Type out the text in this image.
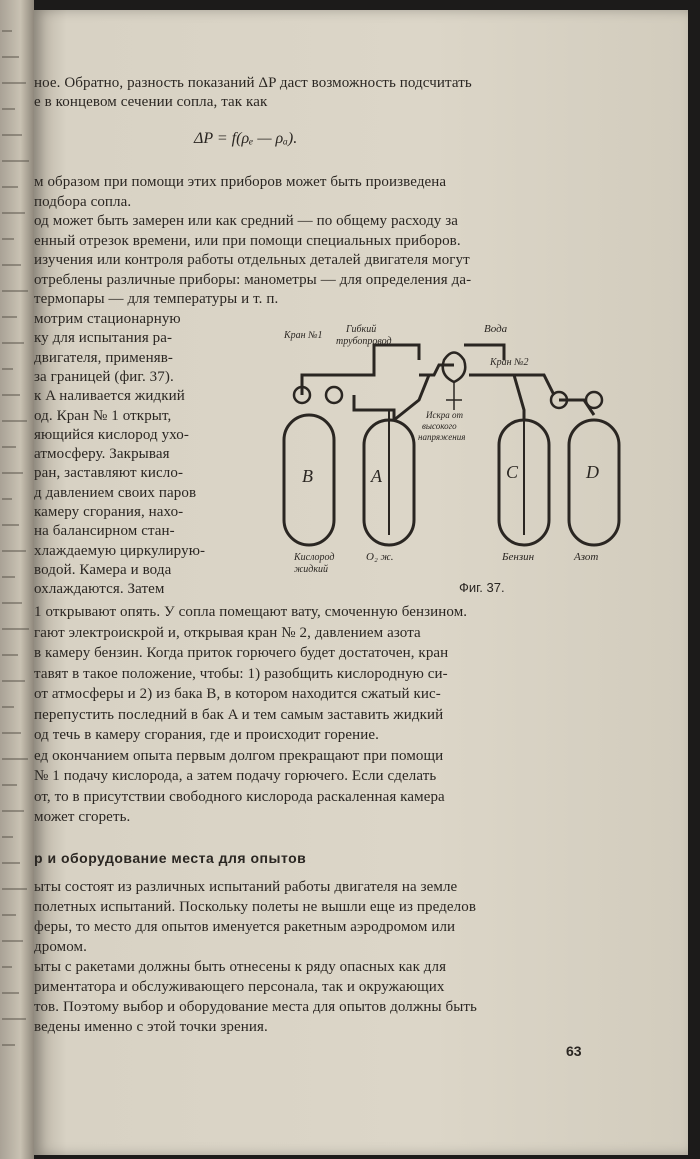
ное. Обратно, разность показаний ΔP даст возможность подсчитать
е в концевом сечении сопла, так как
ΔP = f(ρₑ — ρₐ).
м образом при помощи этих приборов может быть произведена
подбора сопла.
од может быть замерен или как средний — по общему расходу за
енный отрезок времени, или при помощи специальных приборов.
изучения или контроля работы отдельных деталей двигателя могут
отреблены различные приборы: манометры — для определения да-
термопары — для температуры и т. п.
мотрим стационарную
ку для испытания ра-
двигателя, применяв-
за границей (фиг. 37).
к A наливается жидкий
од. Кран № 1 открыт,
яющийся кислород ухо-
атмосферу. Закрывая
ран, заставляют кисло-
д давлением своих паров
камеру сгорания, нахо-
на балансирном стан-
хлаждаемую циркулирую-
водой. Камера и вода
охлаждаются. Затем
Кран №1
Гибкий
трубопровод
Вода
Кран №2
Искра от
высокого
напряжения
B	A	C	D
Кислород
жидкий
O₂ ж.	Бензин	Азот
Фиг. 37.
1 открывают опять. У сопла помещают вату, смоченную бензином.
гают электроискрой и, открывая кран № 2, давлением азота
в камеру бензин. Когда приток горючего будет достаточен, кран
тавят в такое положение, чтобы: 1) разобщить кислородную си-
от атмосферы и 2) из бака B, в котором находится сжатый кис-
перепустить последний в бак A и тем самым заставить жидкий
од течь в камеру сгорания, где и происходит горение.
ед окончанием опыта первым долгом прекращают при помощи
№ 1 подачу кислорода, а затем подачу горючего. Если сделать
от, то в присутствии свободного кислорода раскаленная камера
может сгореть.
р и оборудование места для опытов
ыты состоят из различных испытаний работы двигателя на земле
полетных испытаний. Поскольку полеты не вышли еще из пределов
феры, то место для опытов именуется ракетным аэродромом или
дромом.
ыты с ракетами должны быть отнесены к ряду опасных как для
риментатора и обслуживающего персонала, так и окружающих
тов. Поэтому выбор и оборудование места для опытов должны быть
ведены именно с этой точки зрения.
63
